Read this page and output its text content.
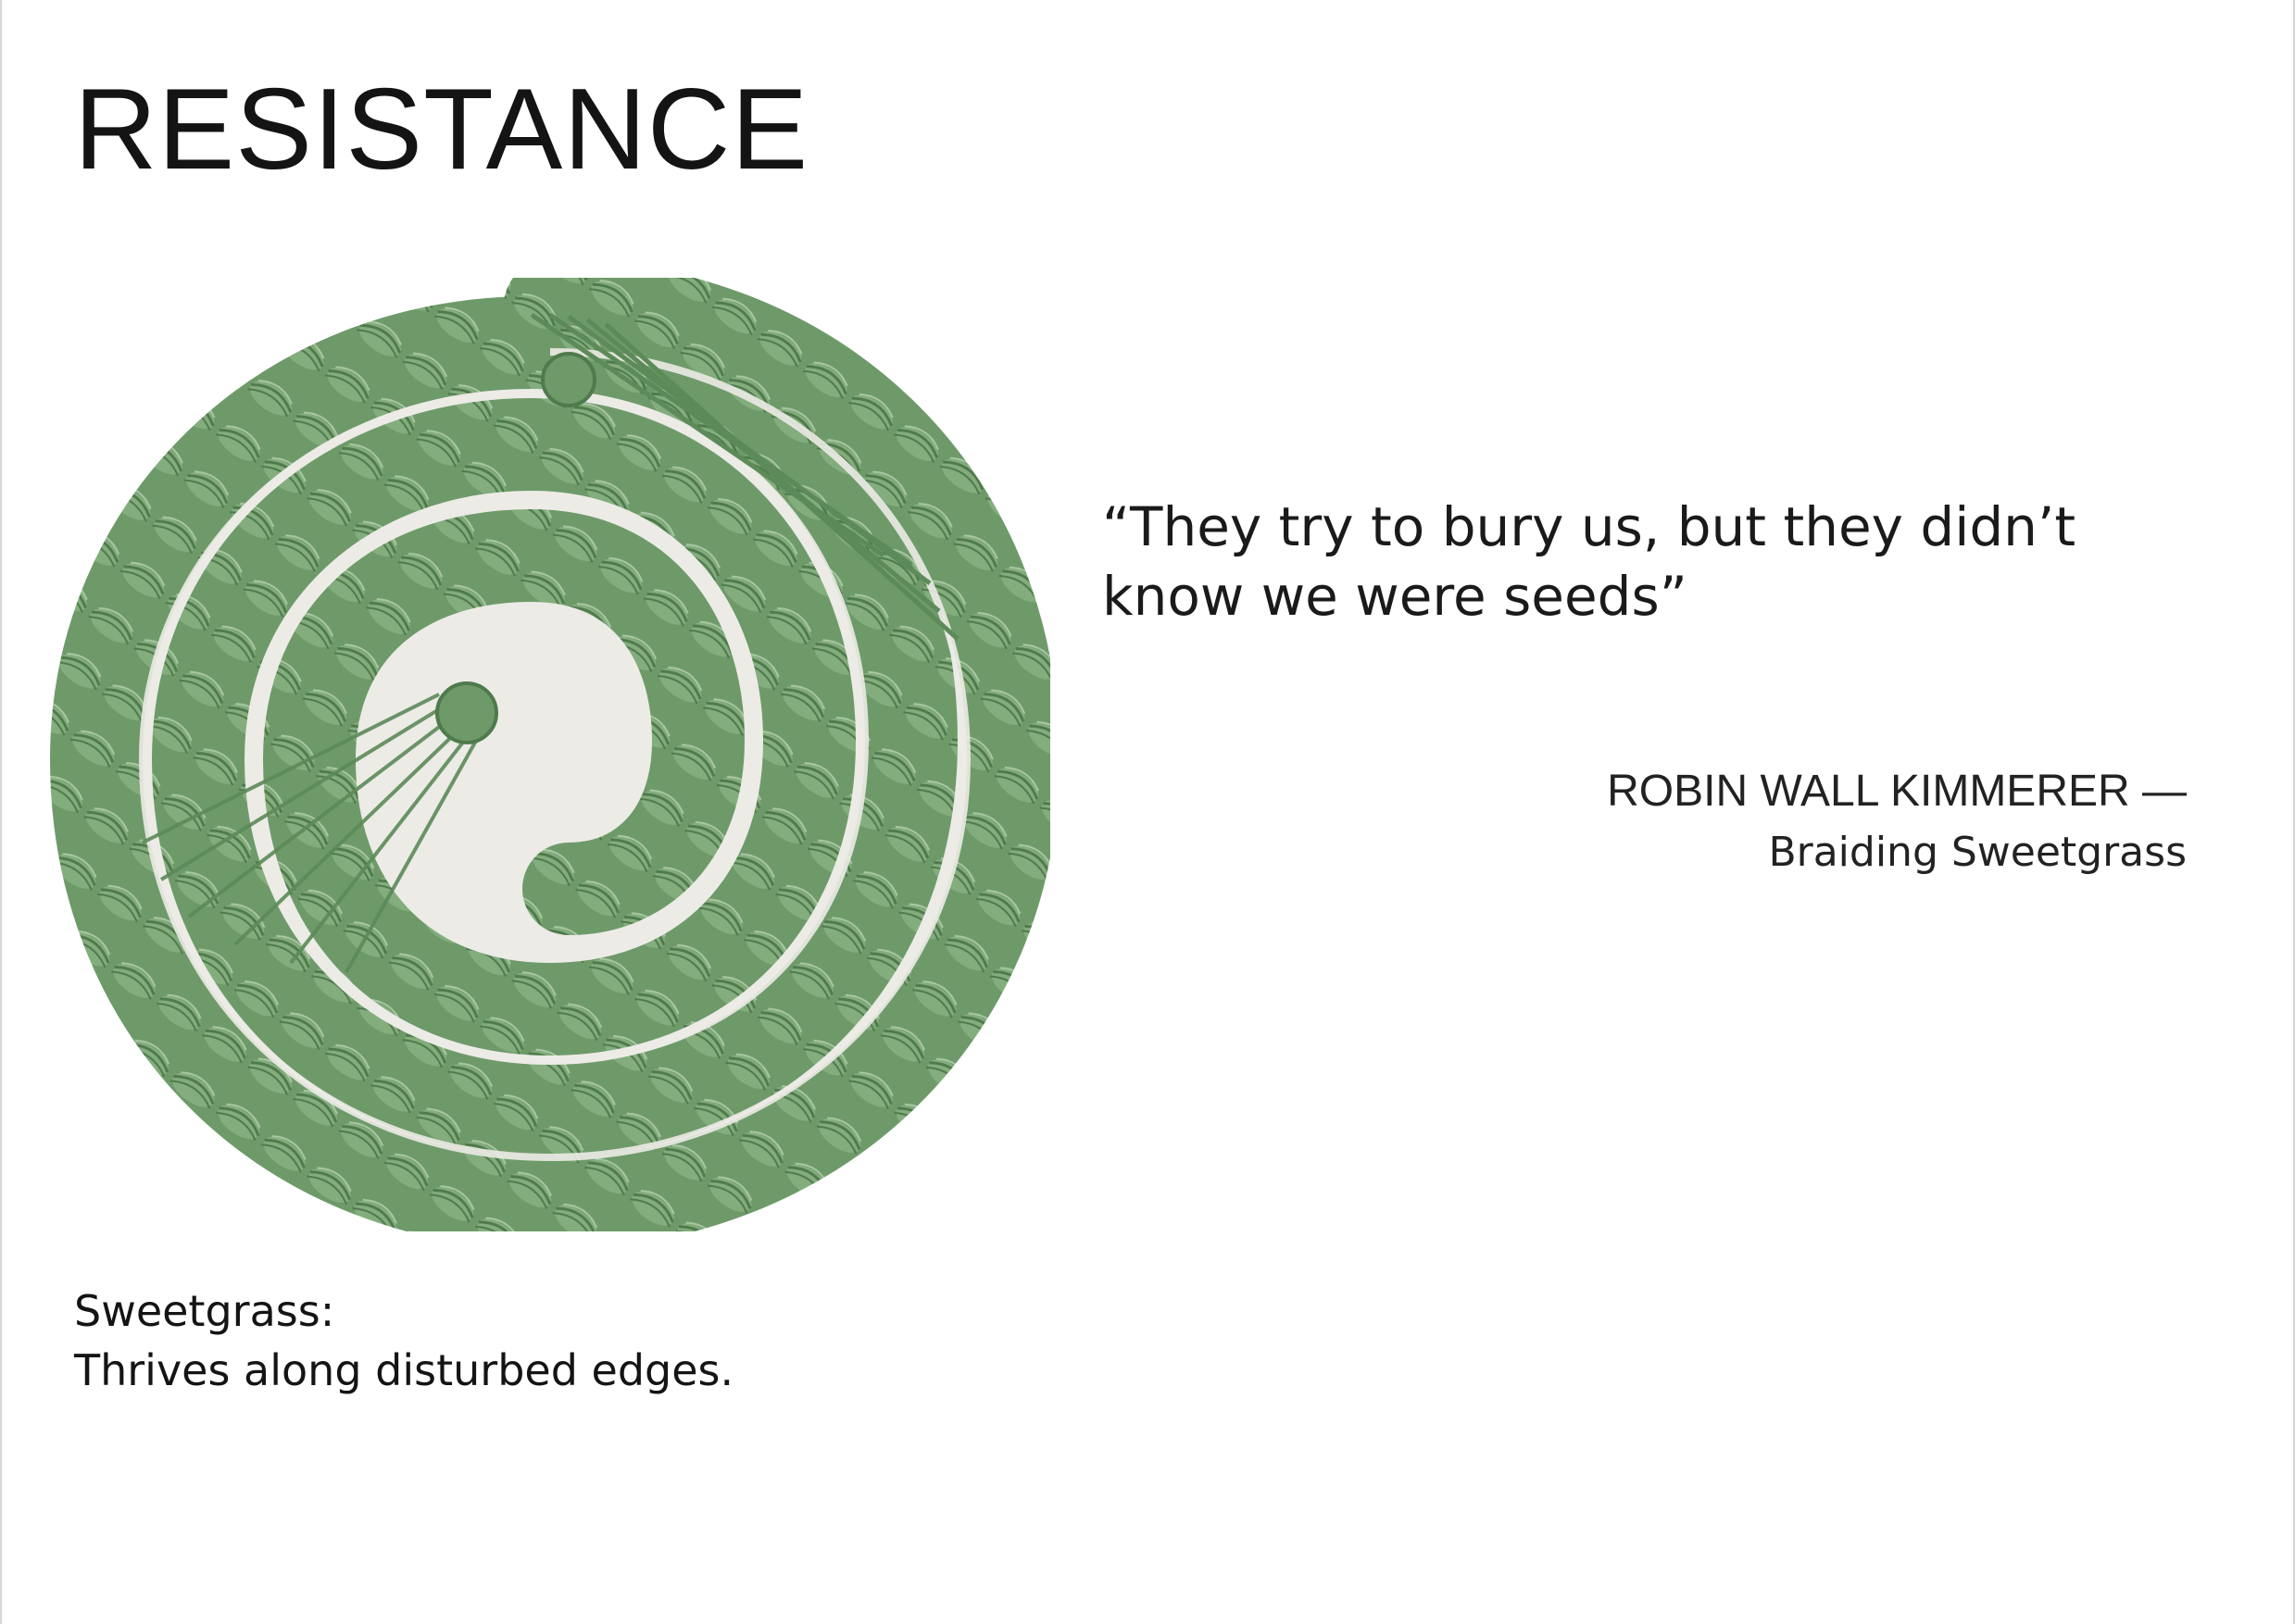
RESISTANCE

“They try to bury us, but they didn’t know we were seeds”

ROBIN WALL KIMMERER —
Braiding Sweetgrass
Sweetgrass:
Thrives along disturbed edges.
